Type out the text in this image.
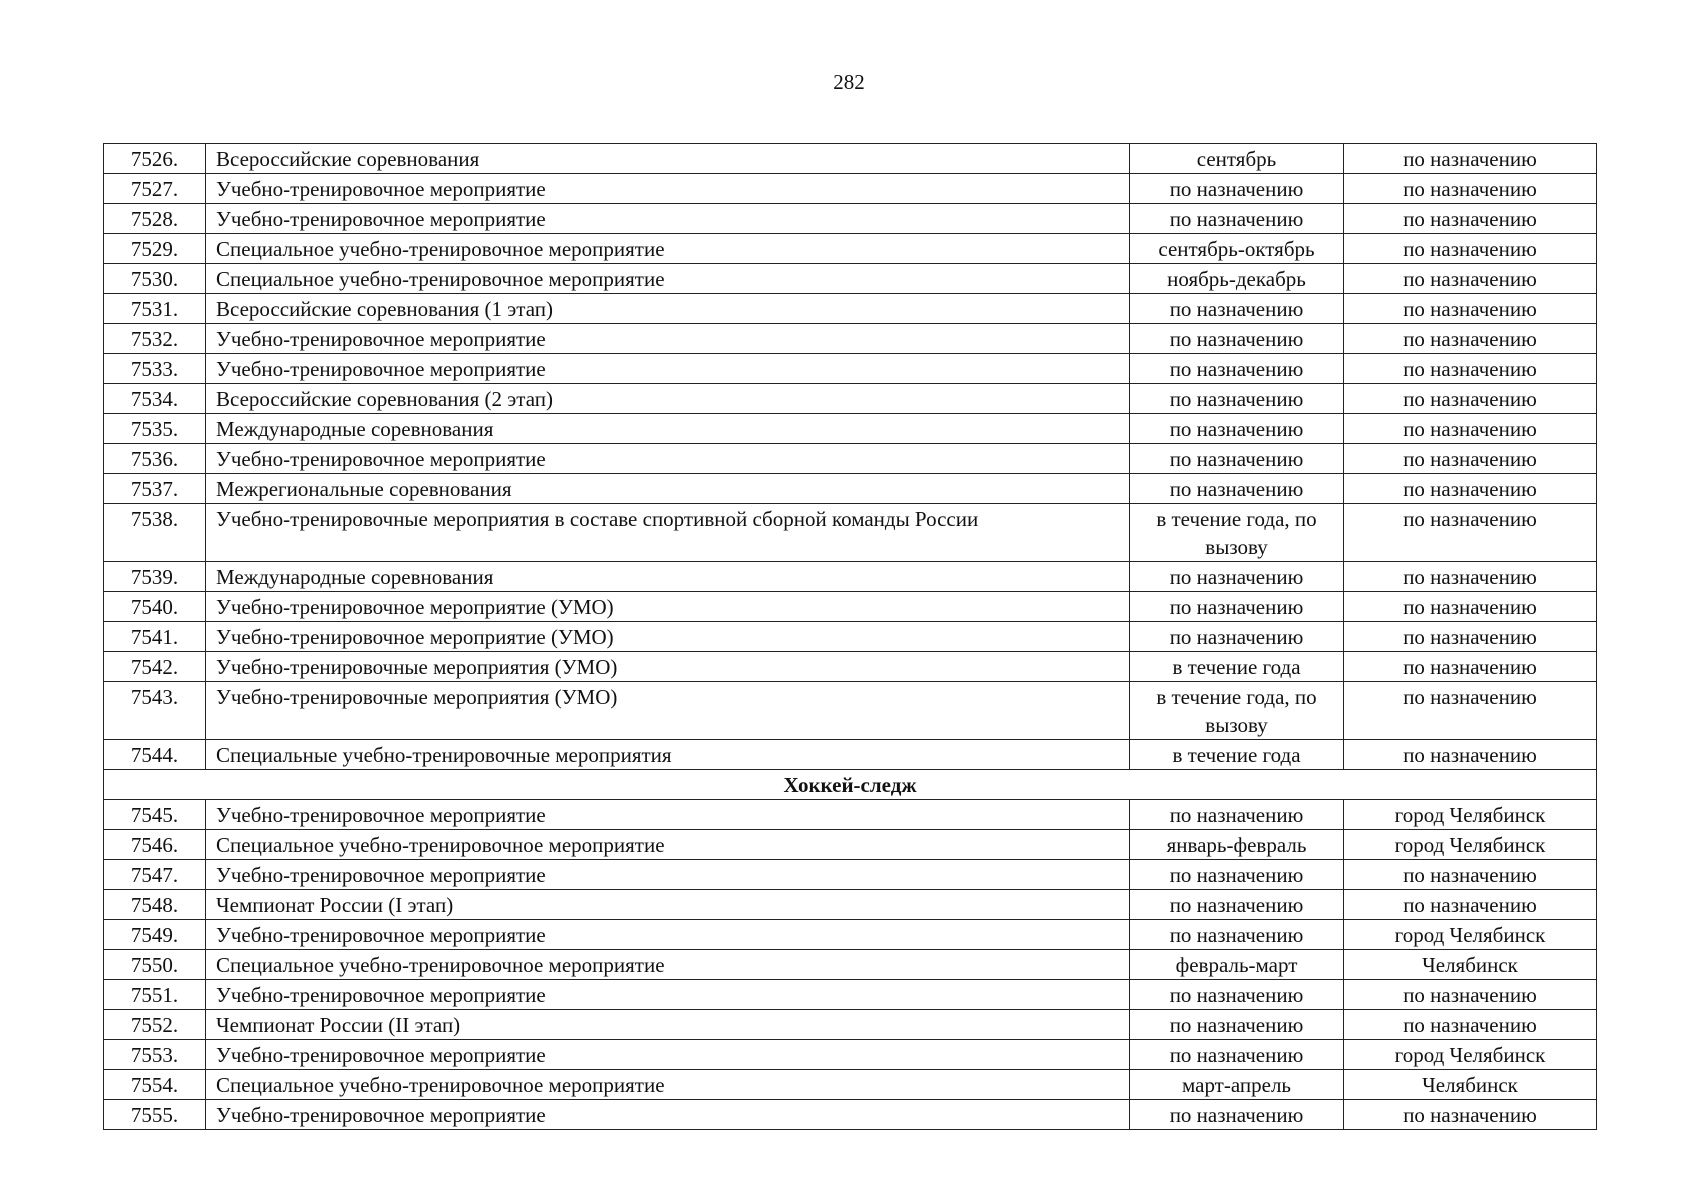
282
7526.	Всероссийские соревнования	сентябрь	по назначению
7527.	Учебно-тренировочное мероприятие	по назначению	по назначению
7528.	Учебно-тренировочное мероприятие	по назначению	по назначению
7529.	Специальное учебно-тренировочное мероприятие	сентябрь-октябрь	по назначению
7530.	Специальное учебно-тренировочное мероприятие	ноябрь-декабрь	по назначению
7531.	Всероссийские соревнования (1 этап)	по назначению	по назначению
7532.	Учебно-тренировочное мероприятие	по назначению	по назначению
7533.	Учебно-тренировочное мероприятие	по назначению	по назначению
7534.	Всероссийские соревнования (2 этап)	по назначению	по назначению
7535.	Международные соревнования	по назначению	по назначению
7536.	Учебно-тренировочное мероприятие	по назначению	по назначению
7537.	Межрегиональные соревнования	по назначению	по назначению
7538.	Учебно-тренировочные мероприятия в составе спортивной сборной команды России	в течение года, по вызову	по назначению
7539.	Международные соревнования	по назначению	по назначению
7540.	Учебно-тренировочное мероприятие (УМО)	по назначению	по назначению
7541.	Учебно-тренировочное мероприятие (УМО)	по назначению	по назначению
7542.	Учебно-тренировочные мероприятия (УМО)	в течение года	по назначению
7543.	Учебно-тренировочные мероприятия (УМО)	в течение года, по вызову	по назначению
7544.	Специальные учебно-тренировочные мероприятия	в течение года	по назначению
Хоккей-следж			
7545.	Учебно-тренировочное мероприятие	по назначению	город Челябинск
7546.	Специальное учебно-тренировочное мероприятие	январь-февраль	город Челябинск
7547.	Учебно-тренировочное мероприятие	по назначению	по назначению
7548.	Чемпионат России (I этап)	по назначению	по назначению
7549.	Учебно-тренировочное мероприятие	по назначению	город Челябинск
7550.	Специальное учебно-тренировочное мероприятие	февраль-март	Челябинск
7551.	Учебно-тренировочное мероприятие	по назначению	по назначению
7552.	Чемпионат России (II этап)	по назначению	по назначению
7553.	Учебно-тренировочное мероприятие	по назначению	город Челябинск
7554.	Специальное учебно-тренировочное мероприятие	март-апрель	Челябинск
7555.	Учебно-тренировочное мероприятие	по назначению	по назначению
